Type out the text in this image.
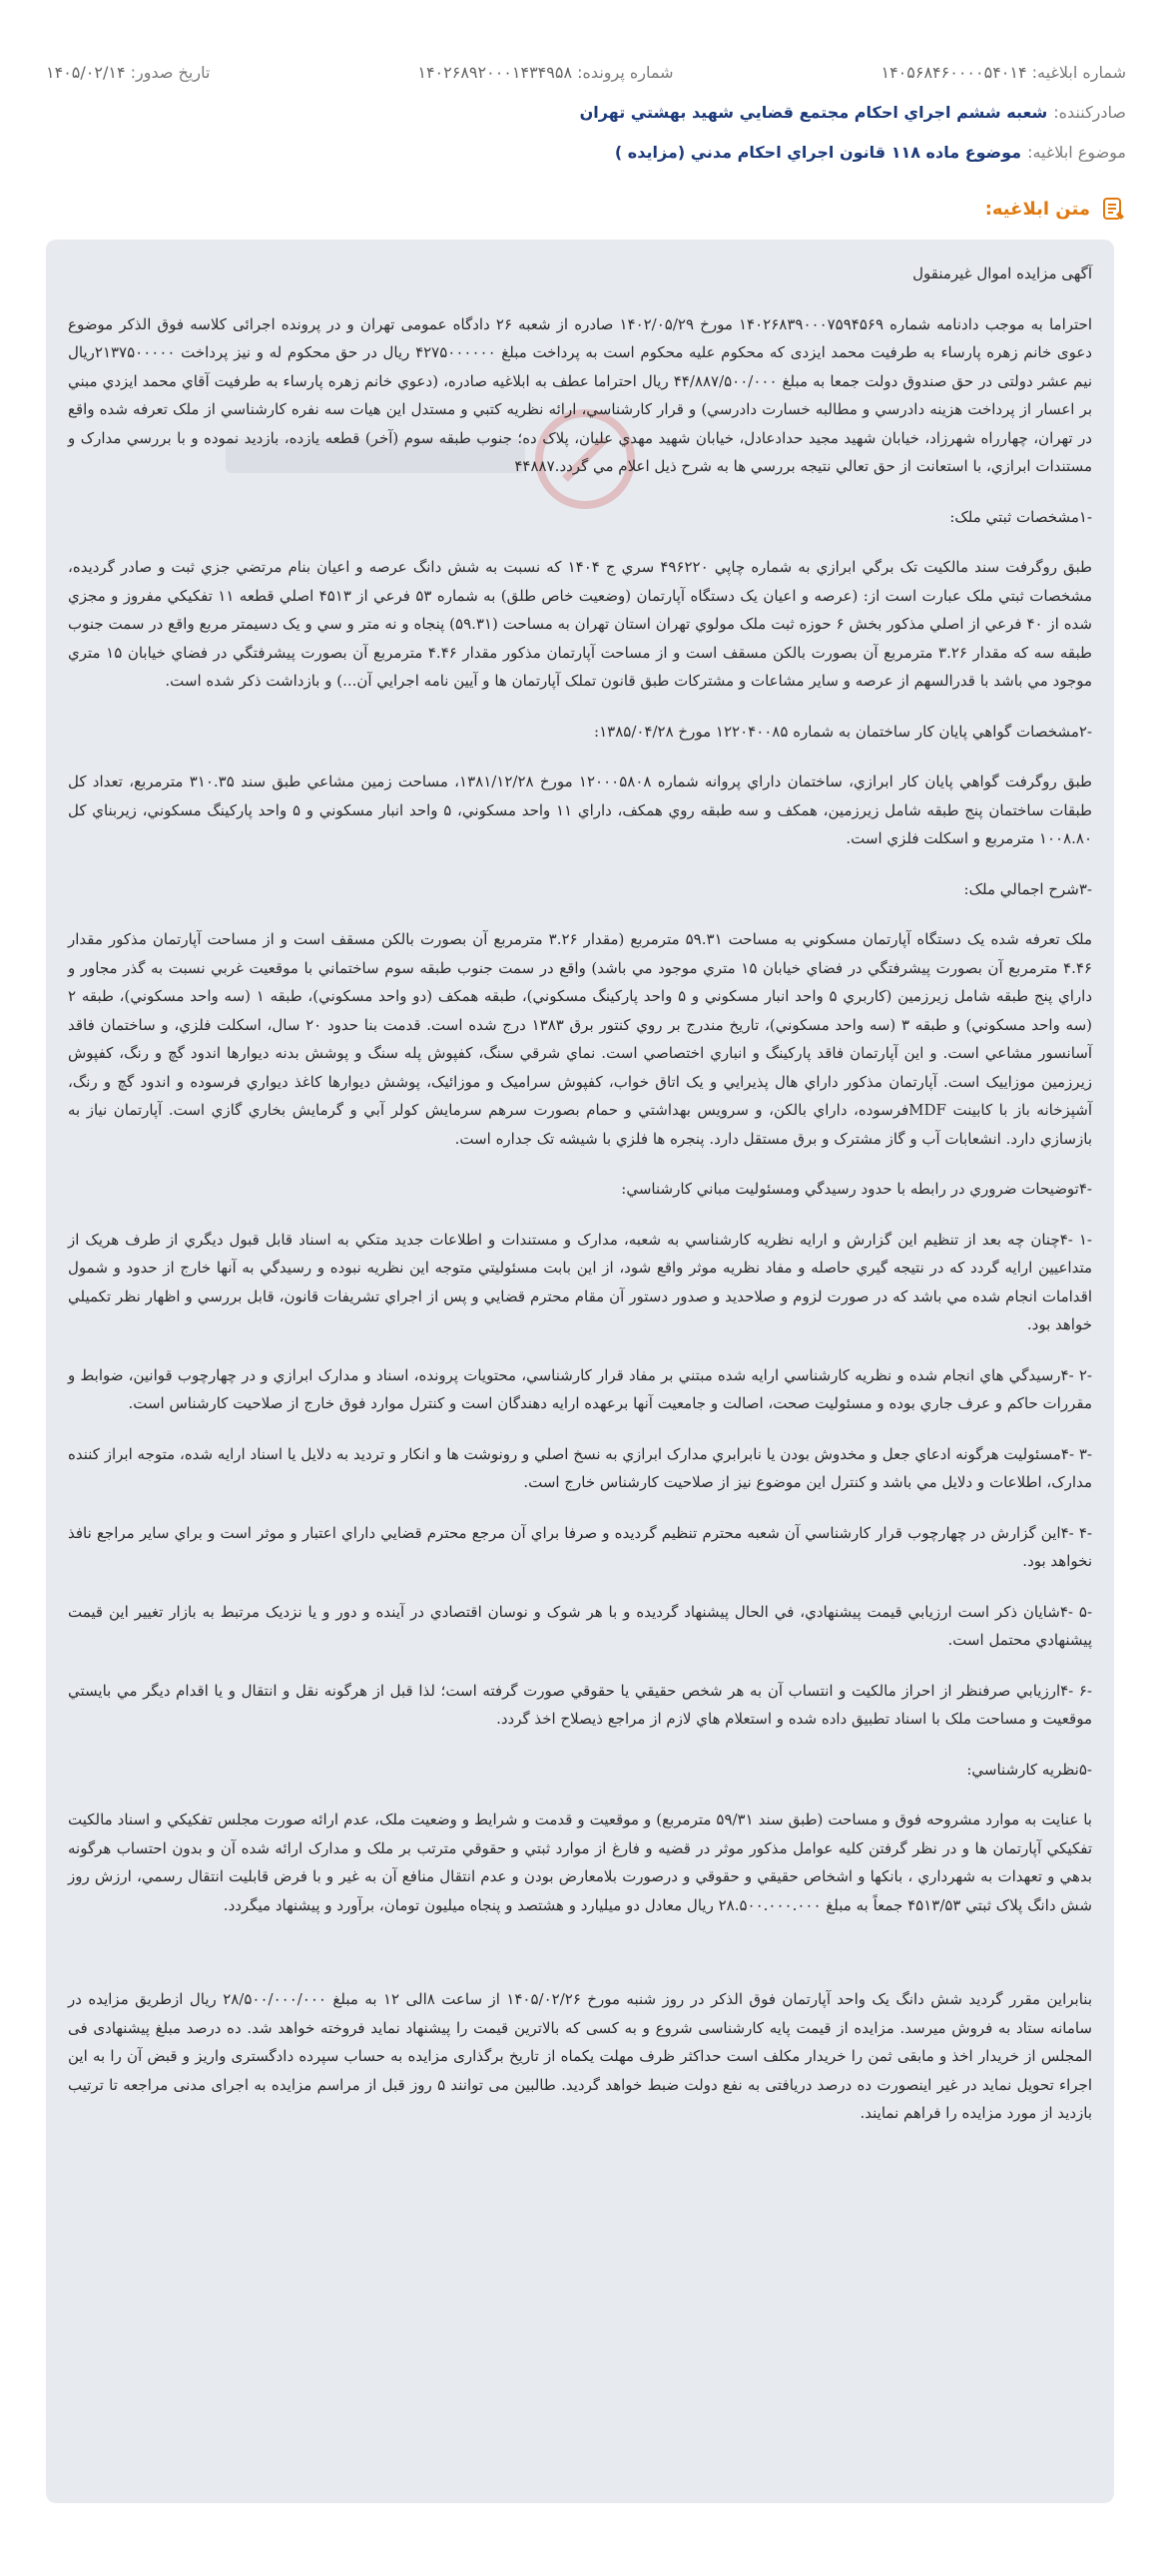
شماره ابلاغيه: ۱۴۰۵۶۸۴۶۰۰۰۰۵۴۰۱۴
شماره پرونده: ۱۴۰۲۶۸۹۲۰۰۰۱۴۳۴۹۵۸
تاريخ صدور: ۱۴۰۵/۰۲/۱۴
صادرکننده:
شعبه ششم اجراي احکام مجتمع قضايي شهيد بهشتي تهران
موضوع ابلاغيه:
موضوع ماده ۱۱۸ قانون اجراي احکام مدني (مزايده )
متن ابلاغيه:

آگهی مزایده اموال غیرمنقول

احتراما به موجب دادنامه شماره ۱۴۰۲۶۸۳۹۰۰۰۷۵۹۴۵۶۹ مورخ ۱۴۰۲/۰۵/۲۹ صادره از شعبه ۲۶ دادگاه عمومی تهران و در پرونده اجرائی کلاسه فوق الذکر موضوع دعوی خانم زهره پارساء به طرفیت محمد ایزدی که محکوم علیه محکوم است به پرداخت مبلغ ۴۲۷۵۰۰۰۰۰۰ ریال در حق محکوم له و نیز پرداخت ۲۱۳۷۵۰۰۰۰۰ریال نیم عشر دولتی در حق صندوق دولت جمعا به مبلغ ۴۴/۸۸۷/۵۰۰/۰۰۰ ریال احتراما عطف به ابلاغیه صادره، (دعوي خانم زهره پارساء به طرفيت آقاي محمد ايزدي مبني بر اعسار از پرداخت هزينه دادرسي و مطالبه خسارت دادرسي) و قرار کارشناسي، ارائه نظريه کتبي و مستدل اين هيات سه نفره کارشناسي از ملک تعرفه شده واقع در تهران، چهارراه شهرزاد، خيابان شهيد مجيد حدادعادل، خيابان شهيد مهدي عليان، پلاک ده؛ جنوب طبقه سوم (آخر) قطعه يازده، بازديد نموده و با بررسي مدارک و مستندات ابرازي، با استعانت از حق تعالي نتيجه بررسي ها به شرح ذيل اعلام مي گردد.۴۴۸۸۷

-۱مشخصات ثبتي ملک:

طبق روگرفت سند مالکيت تک برگي ابرازي به شماره چاپي ۴۹۶۲۲۰ سري ج ۱۴۰۴ که نسبت به شش دانگ عرصه و اعيان بنام مرتضي جزي ثبت و صادر گرديده، مشخصات ثبتي ملک عبارت است از: (عرصه و اعيان يک دستگاه آپارتمان (وضعيت خاص طلق) به شماره ۵۳ فرعي از ۴۵۱۳ اصلي قطعه ۱۱ تفکيکي مفروز و مجزي شده از ۴۰ فرعي از اصلي مذکور بخش ۶ حوزه ثبت ملک مولوي تهران استان تهران به مساحت (۵۹.۳۱) پنجاه و نه متر و سي و يک دسيمتر مربع واقع در سمت جنوب طبقه سه که مقدار ۳.۲۶ مترمربع آن بصورت بالکن مسقف است و از مساحت آپارتمان مذکور مقدار ۴.۴۶ مترمربع آن بصورت پيشرفتگي در فضاي خيابان ۱۵ متري موجود مي باشد با قدرالسهم از عرصه و ساير مشاعات و مشترکات طبق قانون تملک آپارتمان ها و آيين نامه اجرايي آن...) و بازداشت ذکر شده است.

-۲مشخصات گواهي پايان کار ساختمان به شماره ۱۲۲۰۴۰۰۸۵ مورخ ۱۳۸۵/۰۴/۲۸:

طبق روگرفت گواهي پايان کار ابرازي، ساختمان داراي پروانه شماره ۱۲۰۰۰۵۸۰۸ مورخ ۱۳۸۱/۱۲/۲۸، مساحت زمين مشاعي طبق سند ۳۱۰.۳۵ مترمربع، تعداد کل طبقات ساختمان پنج طبقه شامل زيرزمين، همکف و سه طبقه روي همکف، داراي ۱۱ واحد مسکوني، ۵ واحد انبار مسکوني و ۵ واحد پارکينگ مسکوني، زيربناي کل ۱۰۰۸.۸۰ مترمربع و اسکلت فلزي است.

-۳شرح اجمالي ملک:

ملک تعرفه شده يک دستگاه آپارتمان مسکوني به مساحت ۵۹.۳۱ مترمربع (مقدار ۳.۲۶ مترمربع آن بصورت بالکن مسقف است و از مساحت آپارتمان مذکور مقدار ۴.۴۶ مترمربع آن بصورت پيشرفتگي در فضاي خيابان ۱۵ متري موجود مي باشد) واقع در سمت جنوب طبقه سوم ساختماني با موقعيت غربي نسبت به گذر مجاور و داراي پنج طبقه شامل زيرزمين (کاربري ۵ واحد انبار مسکوني و ۵ واحد پارکينگ مسکوني)، طبقه همکف (دو واحد مسکوني)، طبقه ۱ (سه واحد مسکوني)، طبقه ۲ (سه واحد مسکوني) و طبقه ۳ (سه واحد مسکوني)، تاريخ مندرج بر روي کنتور برق ۱۳۸۳ درج شده است. قدمت بنا حدود ۲۰ سال، اسکلت فلزي، و ساختمان فاقد آسانسور مشاعي است. و اين آپارتمان فاقد پارکينگ و انباري اختصاصي است. نماي شرقي سنگ، کفپوش پله سنگ و پوشش بدنه ديوارها اندود گچ و رنگ، کفپوش زيرزمين موزاييک است. آپارتمان مذکور داراي هال پذيرايي و يک اتاق خواب، کفپوش سراميک و موزائيک، پوشش ديوارها کاغذ ديواري فرسوده و اندود گچ و رنگ، آشپزخانه باز با کابينت MDFفرسوده، داراي بالکن، و سرويس بهداشتي و حمام بصورت سرهم سرمايش کولر آبي و گرمايش بخاري گازي است. آپارتمان نياز به بازسازي دارد. انشعابات آب و گاز مشترک و برق مستقل دارد. پنجره ها فلزي با شيشه تک جداره است.

-۴توضيحات ضروري در رابطه با حدود رسيدگي ومسئوليت مباني کارشناسي:

-۱ -۴چنان چه بعد از تنظيم اين گزارش و ارايه نظريه کارشناسي به شعبه، مدارک و مستندات و اطلاعات جديد متکي به اسناد قابل قبول ديگري از طرف هريک از متداعيين ارايه گردد که در نتيجه گيري حاصله و مفاد نظريه موثر واقع شود، از اين بابت مسئوليتي متوجه اين نظريه نبوده و رسيدگي به آنها خارج از حدود و شمول اقدامات انجام شده مي باشد که در صورت لزوم و صلاحديد و صدور دستور آن مقام محترم قضايي و پس از اجراي تشريفات قانون، قابل بررسي و اظهار نظر تکميلي خواهد بود.

-۲ -۴رسيدگي هاي انجام شده و نظريه کارشناسي ارايه شده مبتني بر مفاد قرار کارشناسي، محتويات پرونده، اسناد و مدارک ابرازي و در چهارچوب قوانين، ضوابط و مقررات حاکم و عرف جاري بوده و مسئوليت صحت، اصالت و جامعيت آنها برعهده ارايه دهندگان است و کنترل موارد فوق خارج از صلاحيت کارشناس است.

-۳ -۴مسئوليت هرگونه ادعاي جعل و مخدوش بودن يا نابرابري مدارک ابرازي به نسخ اصلي و رونوشت ها و انکار و ترديد به دلايل يا اسناد ارايه شده، متوجه ابراز کننده مدارک، اطلاعات و دلايل مي باشد و کنترل اين موضوع نيز از صلاحيت کارشناس خارج است.

-۴ -۴اين گزارش در چهارچوب قرار کارشناسي آن شعبه محترم تنظيم گرديده و صرفا براي آن مرجع محترم قضايي داراي اعتبار و موثر است و براي ساير مراجع نافذ نخواهد بود.

-۵ -۴شايان ذکر است ارزيابي قيمت پيشنهادي، في الحال پيشنهاد گرديده و با هر شوک و نوسان اقتصادي در آينده و دور و يا نزديک مرتبط به بازار تغيير اين قيمت پيشنهادي محتمل است.

-۶ -۴ارزيابي صرفنظر از احراز مالکيت و انتساب آن به هر شخص حقيقي يا حقوقي صورت گرفته است؛ لذا قبل از هرگونه نقل و انتقال و يا اقدام ديگر مي بايستي موقعيت و مساحت ملک با اسناد تطبيق داده شده و استعلام هاي لازم از مراجع ذيصلاح اخذ گردد.

-۵نظريه کارشناسي:

با عنايت به موارد مشروحه فوق و مساحت (طبق سند ۵۹/۳۱ مترمربع) و موقعيت و قدمت و شرايط و وضعيت ملک، عدم ارائه صورت مجلس تفکيکي و اسناد مالکيت تفکيکي آپارتمان ها و در نظر گرفتن کليه عوامل مذکور موثر در قضيه و فارغ از موارد ثبتي و حقوقي مترتب بر ملک و مدارک ارائه شده آن و بدون احتساب هرگونه بدهي و تعهدات به شهرداري ، بانکها و اشخاص حقيقي و حقوقي و درصورت بلامعارض بودن و عدم انتقال منافع آن به غير و با فرض قابليت انتقال رسمي، ارزش روز شش دانگ پلاک ثبتي ۴۵۱۳/۵۳ جمعاً به مبلغ ۲۸.۵۰۰.۰۰۰.۰۰۰ ريال معادل دو ميليارد و هشتصد و پنجاه ميليون تومان، برآورد و پيشنهاد ميگردد.

بنابراین مقرر گردید شش دانگ یک واحد آپارتمان فوق الذکر در روز شنبه مورخ ۱۴۰۵/۰۲/۲۶ از ساعت ۸الی ۱۲ به مبلغ ۲۸/۵۰۰/۰۰۰/۰۰۰ ریال ازطریق مزایده در سامانه ستاد به فروش میرسد. مزایده از قیمت پایه کارشناسی شروع و به کسی که بالاترین قیمت را پیشنهاد نماید فروخته خواهد شد. ده درصد مبلغ پیشنهادی فی المجلس از خریدار اخذ و مابقی ثمن را خریدار مکلف است حداکثر ظرف مهلت یکماه از تاریخ برگذاری مزایده به حساب سپرده دادگستری واریز و قبض آن را به این اجراء تحویل نماید در غیر اینصورت ده درصد دریافتی به نفع دولت ضبط خواهد گردید. طالبین می توانند ۵ روز قبل از مراسم مزایده به اجرای مدنی مراجعه تا ترتیب بازدید از مورد مزایده را فراهم نمایند.
